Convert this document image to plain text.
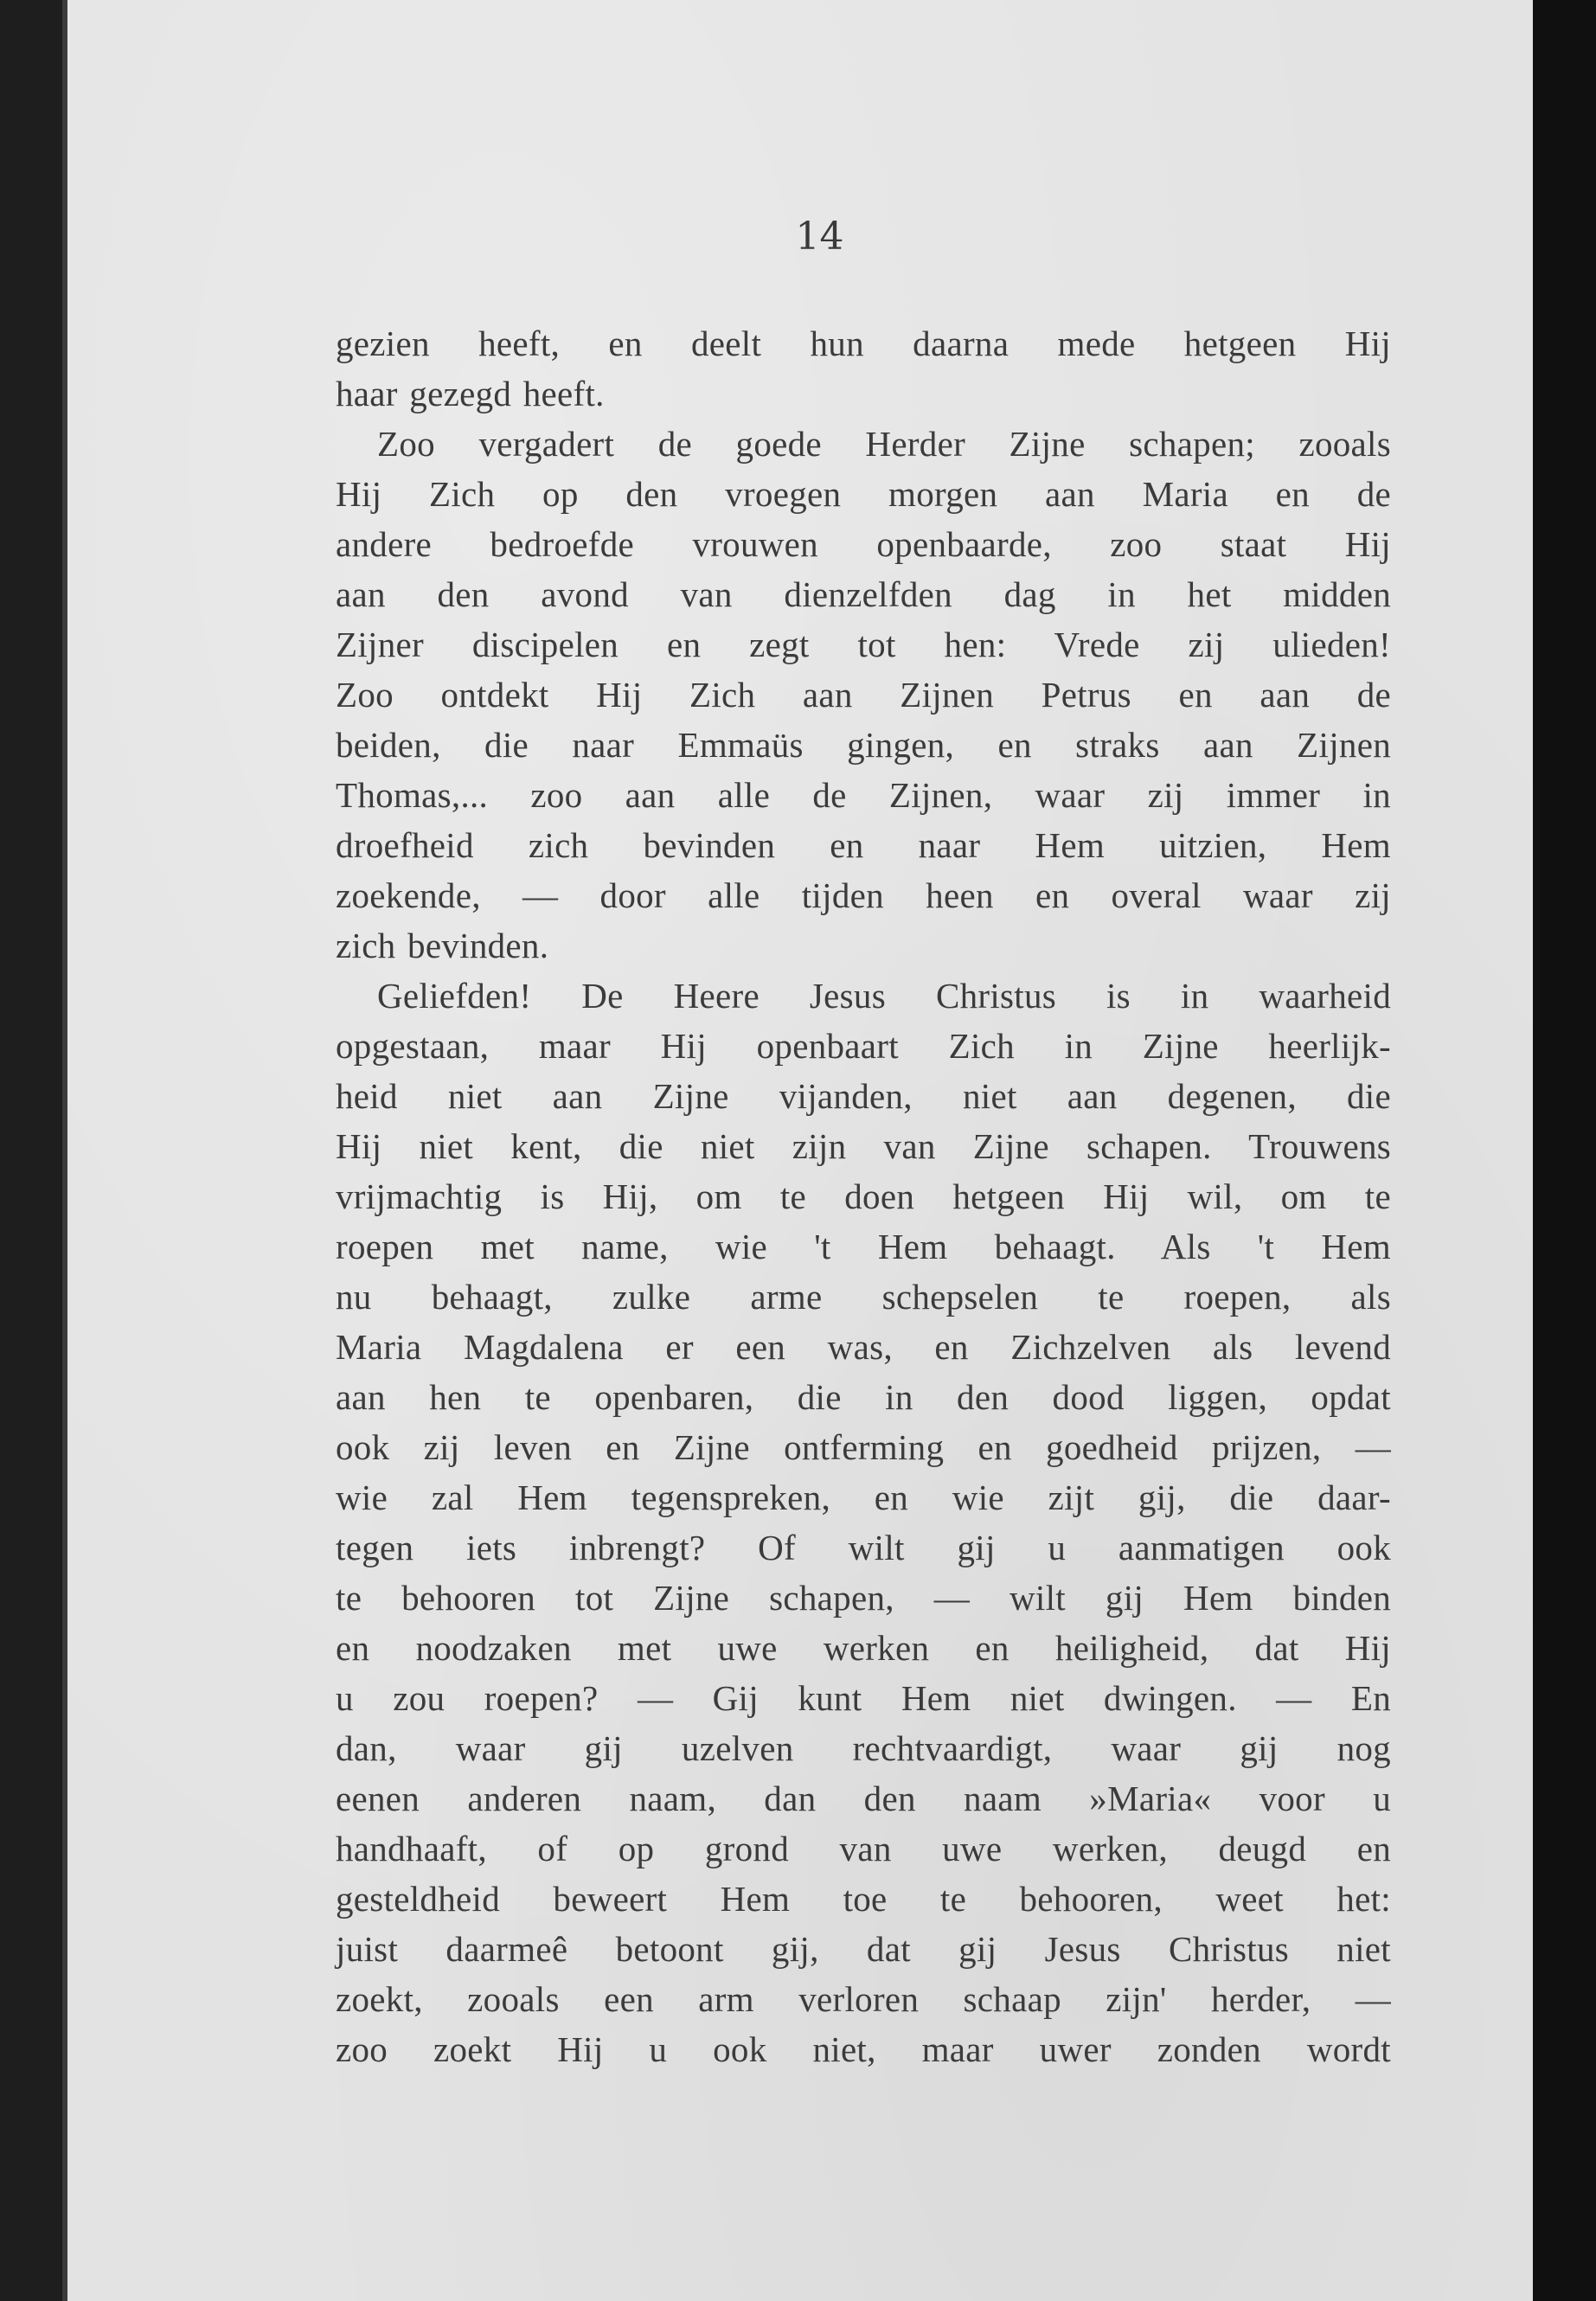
14
gezien heeft, en deelt hun daarna mede hetgeen Hij
haar gezegd heeft.
Zoo vergadert de goede Herder Zijne schapen; zooals
Hij Zich op den vroegen morgen aan Maria en de
andere bedroefde vrouwen openbaarde, zoo staat Hij
aan den avond van dienzelfden dag in het midden
Zijner discipelen en zegt tot hen: Vrede zij ulieden!
Zoo ontdekt Hij Zich aan Zijnen Petrus en aan de
beiden, die naar Emmaüs gingen, en straks aan Zijnen
Thomas,... zoo aan alle de Zijnen, waar zij immer in
droefheid zich bevinden en naar Hem uitzien, Hem
zoekende, — door alle tijden heen en overal waar zij
zich bevinden.
Geliefden! De Heere Jesus Christus is in waarheid
opgestaan, maar Hij openbaart Zich in Zijne heerlijk-
heid niet aan Zijne vijanden, niet aan degenen, die
Hij niet kent, die niet zijn van Zijne schapen. Trouwens
vrijmachtig is Hij, om te doen hetgeen Hij wil, om te
roepen met name, wie 't Hem behaagt. Als 't Hem
nu behaagt, zulke arme schepselen te roepen, als
Maria Magdalena er een was, en Zichzelven als levend
aan hen te openbaren, die in den dood liggen, opdat
ook zij leven en Zijne ontferming en goedheid prijzen, —
wie zal Hem tegenspreken, en wie zijt gij, die daar-
tegen iets inbrengt? Of wilt gij u aanmatigen ook
te behooren tot Zijne schapen, — wilt gij Hem binden
en noodzaken met uwe werken en heiligheid, dat Hij
u zou roepen? — Gij kunt Hem niet dwingen. — En
dan, waar gij uzelven rechtvaardigt, waar gij nog
eenen anderen naam, dan den naam »Maria« voor u
handhaaft, of op grond van uwe werken, deugd en
gesteldheid beweert Hem toe te behooren, weet het:
juist daarmeê betoont gij, dat gij Jesus Christus niet
zoekt, zooals een arm verloren schaap zijn' herder, —
zoo zoekt Hij u ook niet, maar uwer zonden wordt
